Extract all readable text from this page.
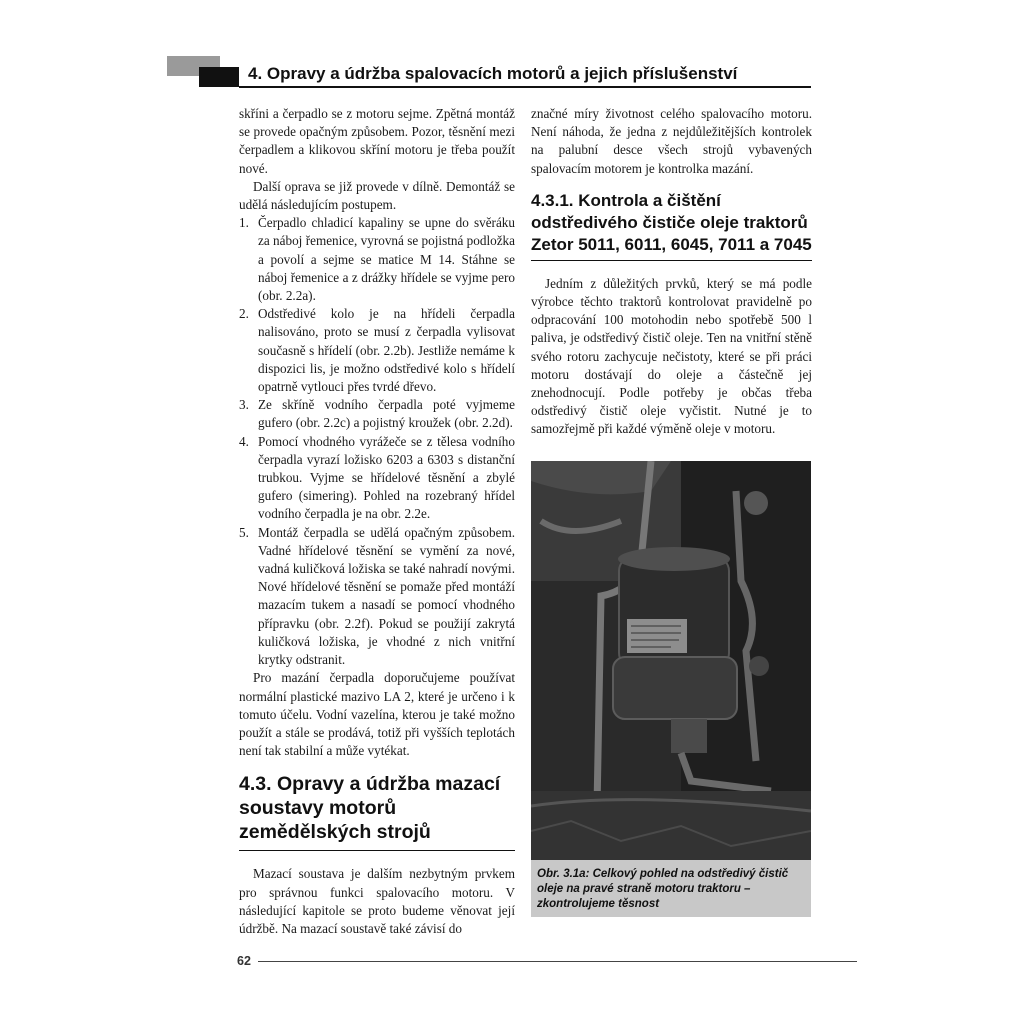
4. Opravy a údržba spalovacích motorů a jejich příslušenství

skříni a čerpadlo se z motoru sejme. Zpětná montáž se provede opačným způsobem. Pozor, těsnění mezi čerpadlem a klikovou skříní motoru je třeba použít nové.

Další oprava se již provede v dílně. Demontáž se udělá následujícím postupem.

1. Čerpadlo chladicí kapaliny se upne do svěráku za náboj řemenice, vyrovná se pojistná podložka a povolí a sejme se matice M 14. Stáhne se náboj řemenice a z drážky hřídele se vyjme pero (obr. 2.2a).
2. Odstředivé kolo je na hřídeli čerpadla nalisováno, proto se musí z čerpadla vylisovat současně s hřídelí (obr. 2.2b). Jestliže nemáme k dispozici lis, je možno odstředivé kolo s hřídelí opatrně vytlouci přes tvrdé dřevo.
3. Ze skříně vodního čerpadla poté vyjmeme gufero (obr. 2.2c) a pojistný kroužek (obr. 2.2d).
4. Pomocí vhodného vyrážeče se z tělesa vodního čerpadla vyrazí ložisko 6203 a 6303 s distanční trubkou. Vyjme se hřídelové těsnění a zbylé gufero (simering). Pohled na rozebraný hřídel vodního čerpadla je na obr. 2.2e.
5. Montáž čerpadla se udělá opačným způsobem. Vadné hřídelové těsnění se vymění za nové, vadná kuličková ložiska se také nahradí novými. Nové hřídelové těsnění se pomaže před montáží mazacím tukem a nasadí se pomocí vhodného přípravku (obr. 2.2f). Pokud se použijí zakrytá kuličková ložiska, je vhodné z nich vnitřní krytky odstranit.

Pro mazání čerpadla doporučujeme používat normální plastické mazivo LA 2, které je určeno i k tomuto účelu. Vodní vazelína, kterou je také možno použít a stále se prodává, totiž při vyšších teplotách není tak stabilní a může vytékat.

4.3. Opravy a údržba mazací soustavy motorů zemědělských strojů

Mazací soustava je dalším nezbytným prvkem pro správnou funkci spalovacího motoru. V následující kapitole se proto budeme věnovat její údržbě. Na mazací soustavě také závisí do

značné míry životnost celého spalovacího motoru. Není náhoda, že jedna z nejdůležitějších kontrolek na palubní desce všech strojů vybavených spalovacím motorem je kontrolka mazání.

4.3.1. Kontrola a čištění odstředivého čističe oleje traktorů Zetor 5011, 6011, 6045, 7011 a 7045

Jedním z důležitých prvků, který se má podle výrobce těchto traktorů kontrolovat pravidelně po odpracování 100 motohodin nebo spotřebě 500 l paliva, je odstředivý čistič oleje. Ten na vnitřní stěně svého rotoru zachycuje nečistoty, které se při práci motoru dostávají do oleje a částečně jej znehodnocují. Podle potřeby je občas třeba odstředivý čistič oleje vyčistit. Nutné je to samozřejmě při každé výměně oleje v motoru.

Obr. 3.1a: Celkový pohled na odstředivý čistič oleje na pravé straně motoru traktoru – zkontrolujeme těsnost
62
